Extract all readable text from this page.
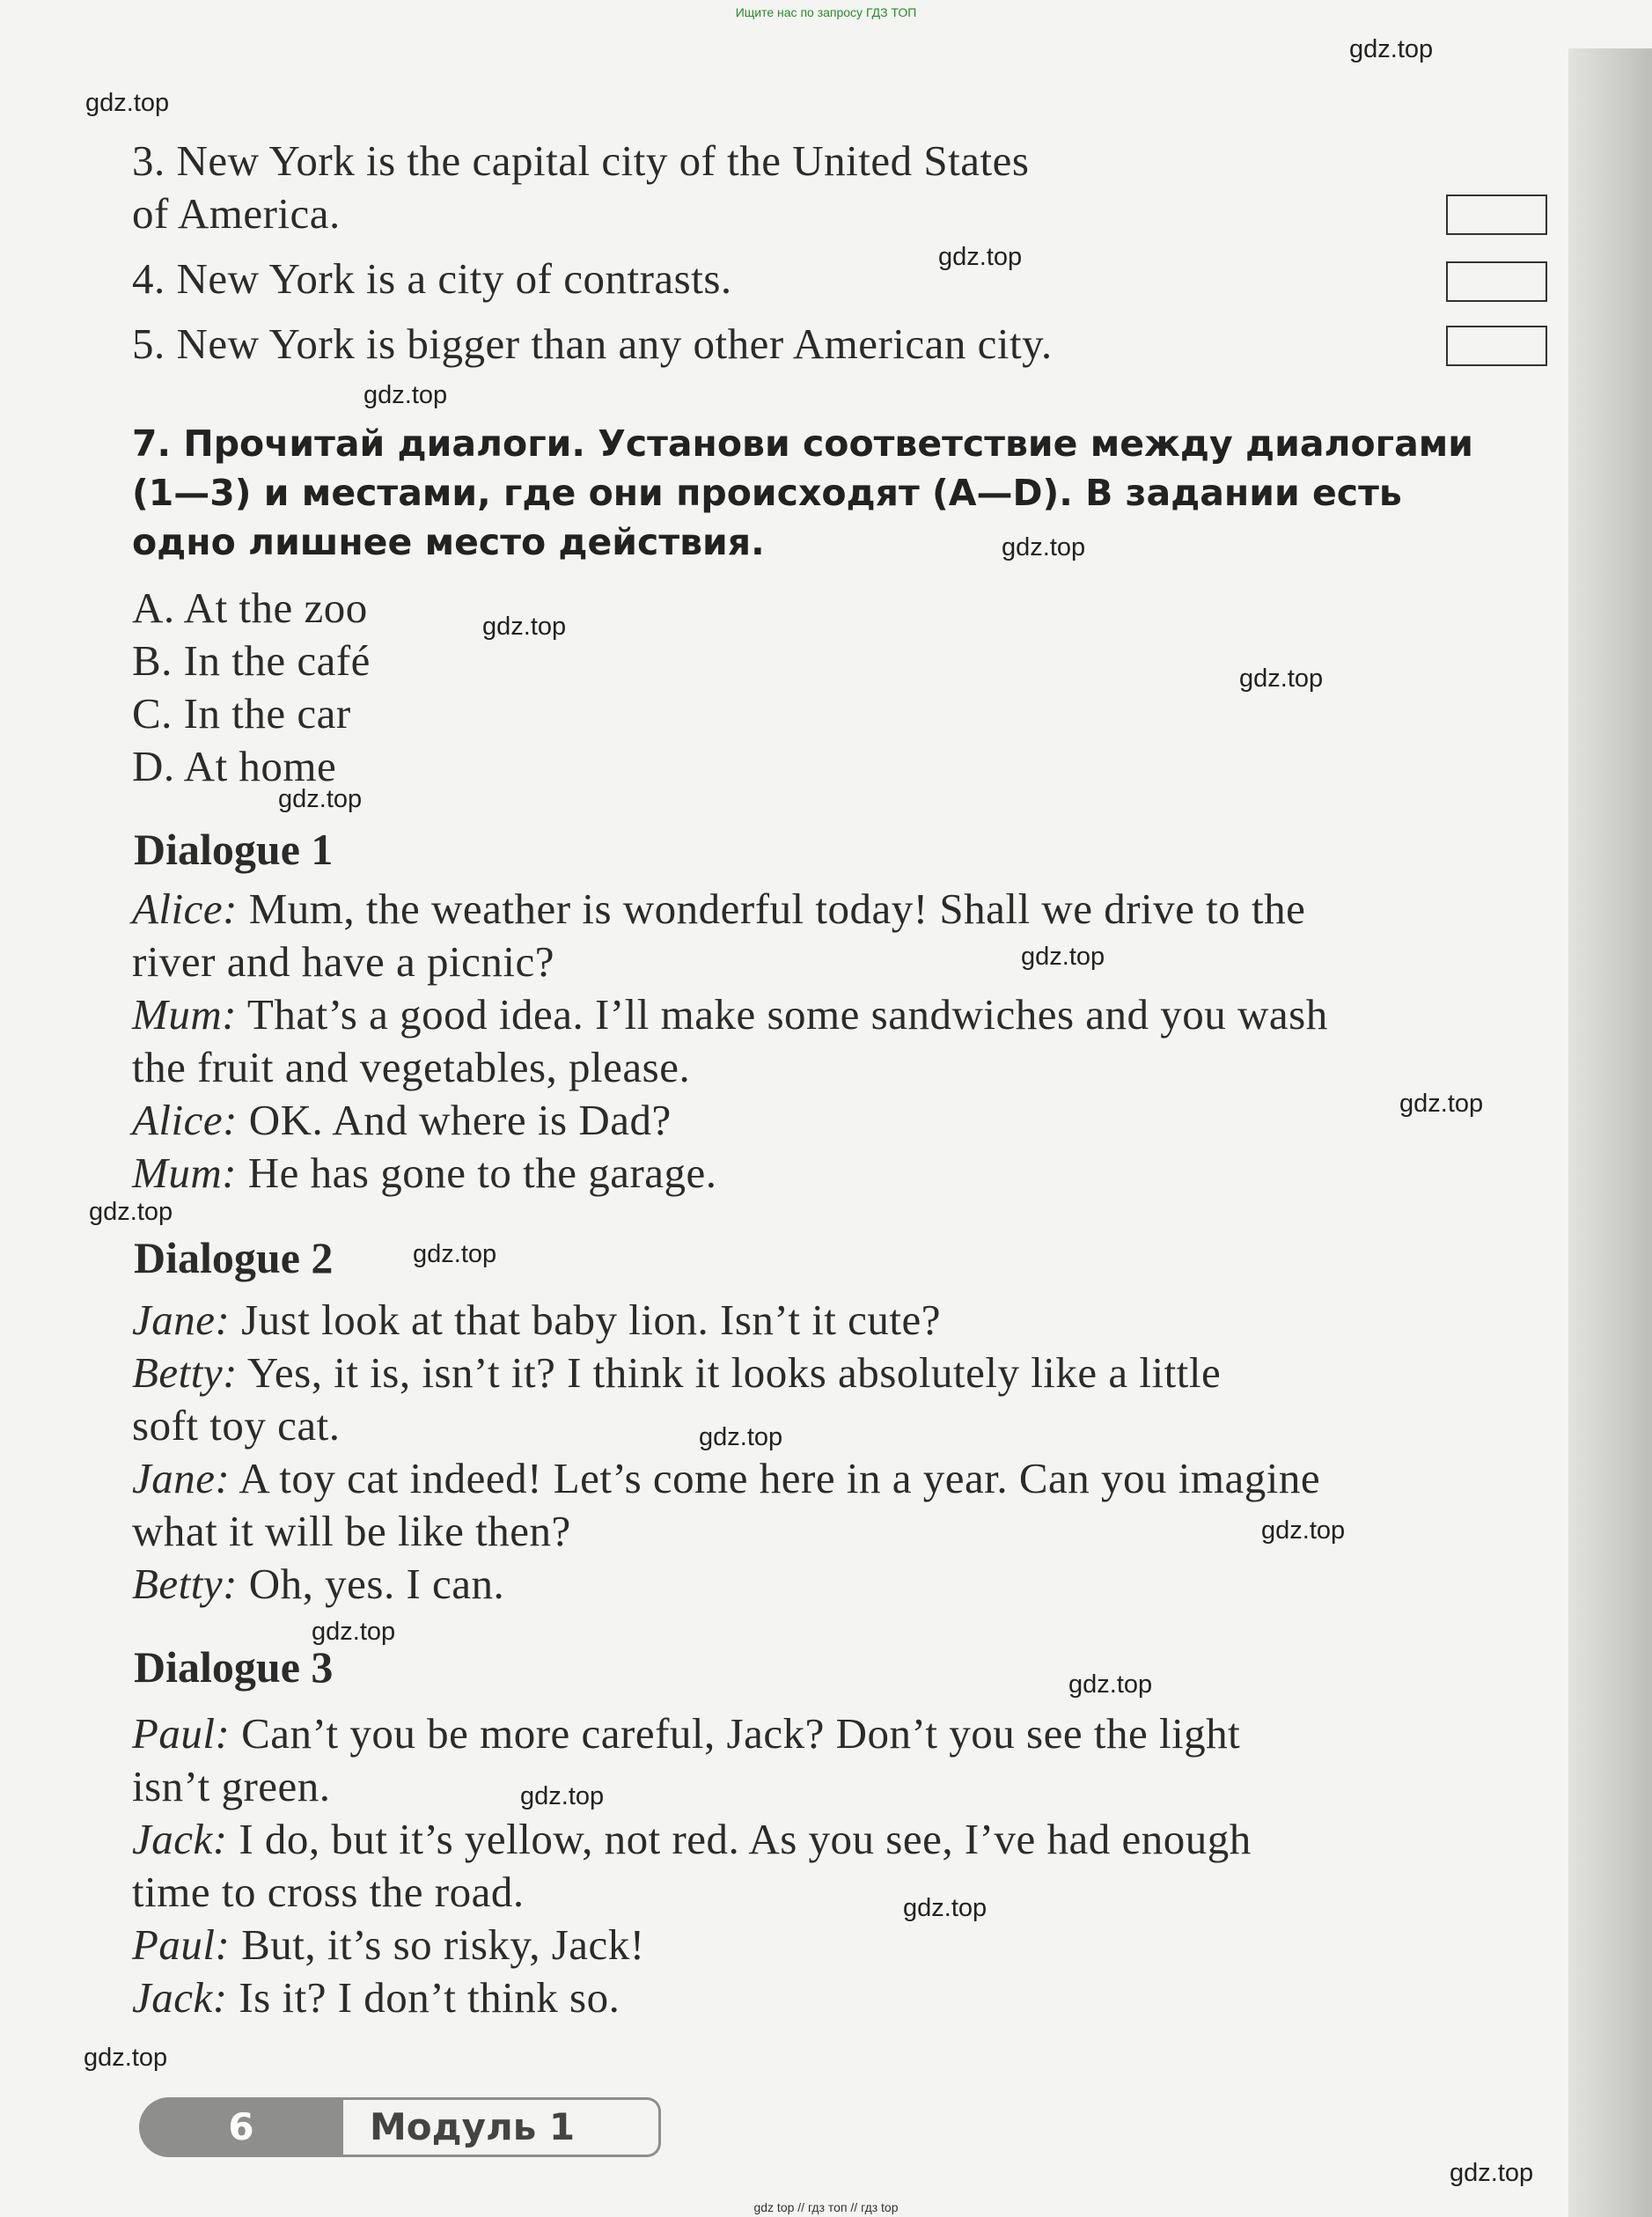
Ищите нас по запросу ГДЗ ТОП
gdz.top
gdz.top
gdz.top
gdz.top
gdz.top
gdz.top
gdz.top
gdz.top
gdz.top
gdz.top
gdz.top
gdz.top
gdz.top
gdz.top
gdz.top
gdz.top
gdz.top
gdz.top
gdz.top
gdz.top
3. New York is the capital city of the United States
of America.
4. New York is a city of contrasts.
5. New York is bigger than any other American city.
7. Прочитай диалоги. Установи соответствие между диалогами
(1—3) и местами, где они происходят (A—D). В задании есть
одно лишнее место действия.
A. At the zoo
B. In the café
C. In the car
D. At home
Dialogue 1
Alice: Mum, the weather is wonderful today! Shall we drive to the
river and have a picnic?
Mum: That’s a good idea. I’ll make some sandwiches and you wash
the fruit and vegetables, please.
Alice: OK. And where is Dad?
Mum: He has gone to the garage.
Dialogue 2
Jane: Just look at that baby lion. Isn’t it cute?
Betty: Yes, it is, isn’t it? I think it looks absolutely like a little
soft toy cat.
Jane: A toy cat indeed! Let’s come here in a year. Can you imagine
what it will be like then?
Betty: Oh, yes. I can.
Dialogue 3
Paul: Can’t you be more careful, Jack? Don’t you see the light
isn’t green.
Jack: I do, but it’s yellow, not red. As you see, I’ve had enough
time to cross the road.
Paul: But, it’s so risky, Jack!
Jack: Is it? I don’t think so.
6	Модуль 1
gdz top // гдз топ // гдз top
